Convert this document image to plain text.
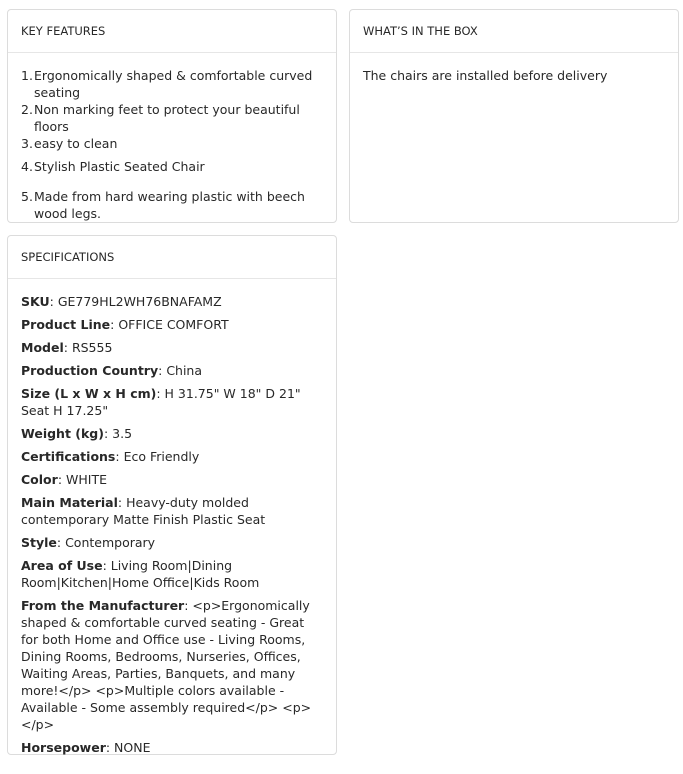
KEY FEATURES
1. Ergonomically shaped & comfortable curved seating
2. Non marking feet to protect your beautiful floors
3. easy to clean
4. Stylish Plastic Seated Chair
5. Made from hard wearing plastic with beech wood legs.
WHAT’S IN THE BOX
The chairs are installed before delivery
SPECIFICATIONS
SKU: GE779HL2WH76BNAFAMZ
Product Line: OFFICE COMFORT
Model: RS555
Production Country: China
Size (L x W x H cm): H 31.75" W 18" D 21" Seat H 17.25"
Weight (kg): 3.5
Certifications: Eco Friendly
Color: WHITE
Main Material: Heavy-duty molded contemporary Matte Finish Plastic Seat
Style: Contemporary
Area of Use: Living Room|Dining Room|Kitchen|Home Office|Kids Room
From the Manufacturer: <p>Ergonomically shaped & comfortable curved seating - Great for both Home and Office use - Living Rooms, Dining Rooms, Bedrooms, Nurseries, Offices, Waiting Areas, Parties, Banquets, and many more!</p> <p>Multiple colors available - Available - Some assembly required</p> <p></p>
Horsepower: NONE
